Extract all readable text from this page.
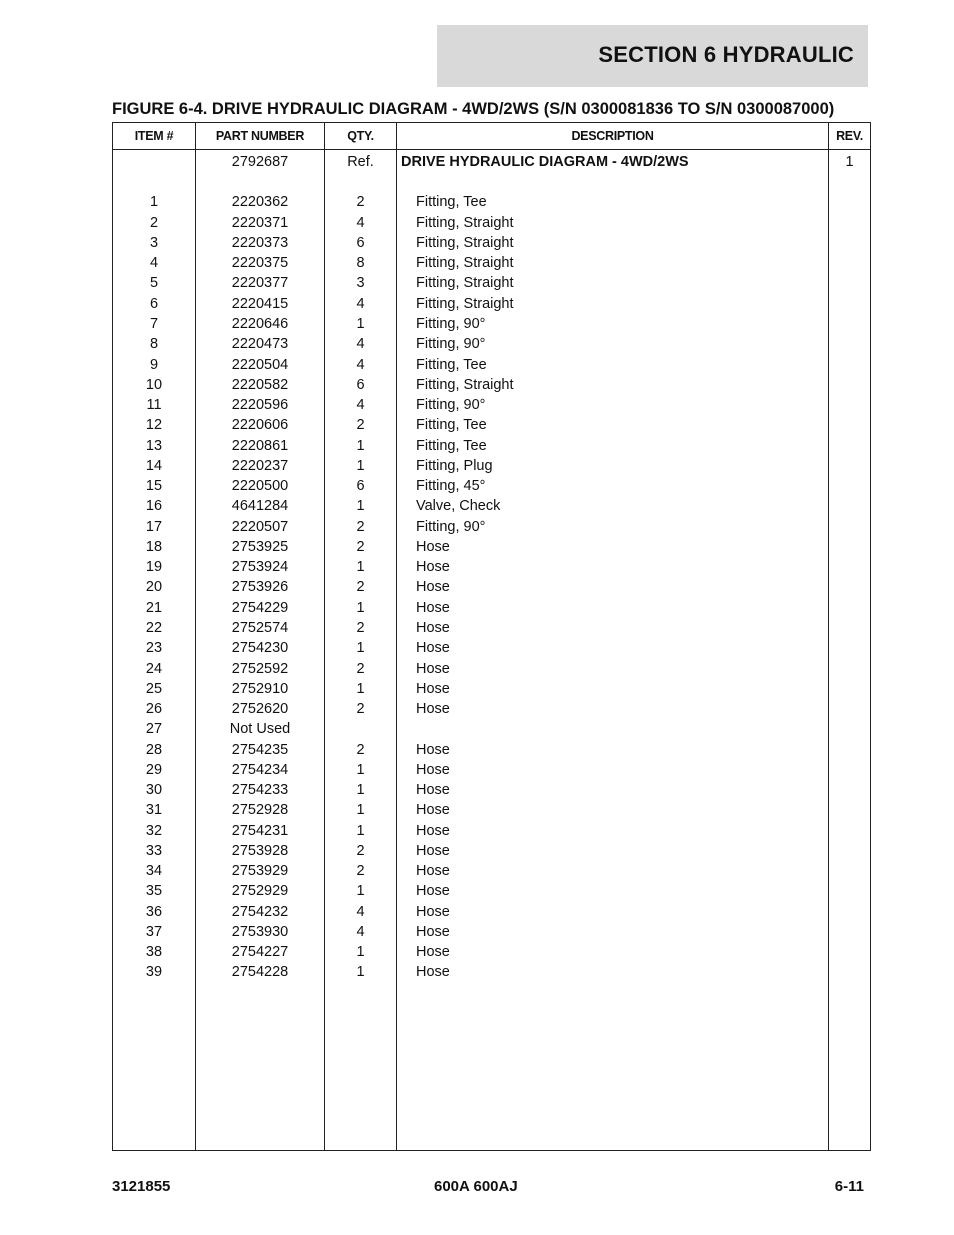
SECTION 6 HYDRAULIC
FIGURE 6-4. DRIVE HYDRAULIC DIAGRAM - 4WD/2WS (S/N 0300081836 TO S/N 0300087000)
ITEM #	PART NUMBER	QTY.	DESCRIPTION	REV.
	2792687	Ref.	DRIVE HYDRAULIC DIAGRAM - 4WD/2WS	1

1	2220362	2	Fitting, Tee	
2	2220371	4	Fitting, Straight	
3	2220373	6	Fitting, Straight	
4	2220375	8	Fitting, Straight	
5	2220377	3	Fitting, Straight	
6	2220415	4	Fitting, Straight	
7	2220646	1	Fitting, 90°	
8	2220473	4	Fitting, 90°	
9	2220504	4	Fitting, Tee	
10	2220582	6	Fitting, Straight	
11	2220596	4	Fitting, 90°	
12	2220606	2	Fitting, Tee	
13	2220861	1	Fitting, Tee	
14	2220237	1	Fitting, Plug	
15	2220500	6	Fitting, 45°	
16	4641284	1	Valve, Check	
17	2220507	2	Fitting, 90°	
18	2753925	2	Hose	
19	2753924	1	Hose	
20	2753926	2	Hose	
21	2754229	1	Hose	
22	2752574	2	Hose	
23	2754230	1	Hose	
24	2752592	2	Hose	
25	2752910	1	Hose	
26	2752620	2	Hose	
27	Not Used			
28	2754235	2	Hose	
29	2754234	1	Hose	
30	2754233	1	Hose	
31	2752928	1	Hose	
32	2754231	1	Hose	
33	2753928	2	Hose	
34	2753929	2	Hose	
35	2752929	1	Hose	
36	2754232	4	Hose	
37	2753930	4	Hose	
38	2754227	1	Hose	
39	2754228	1	Hose	

3121855	600A 600AJ	6-11
